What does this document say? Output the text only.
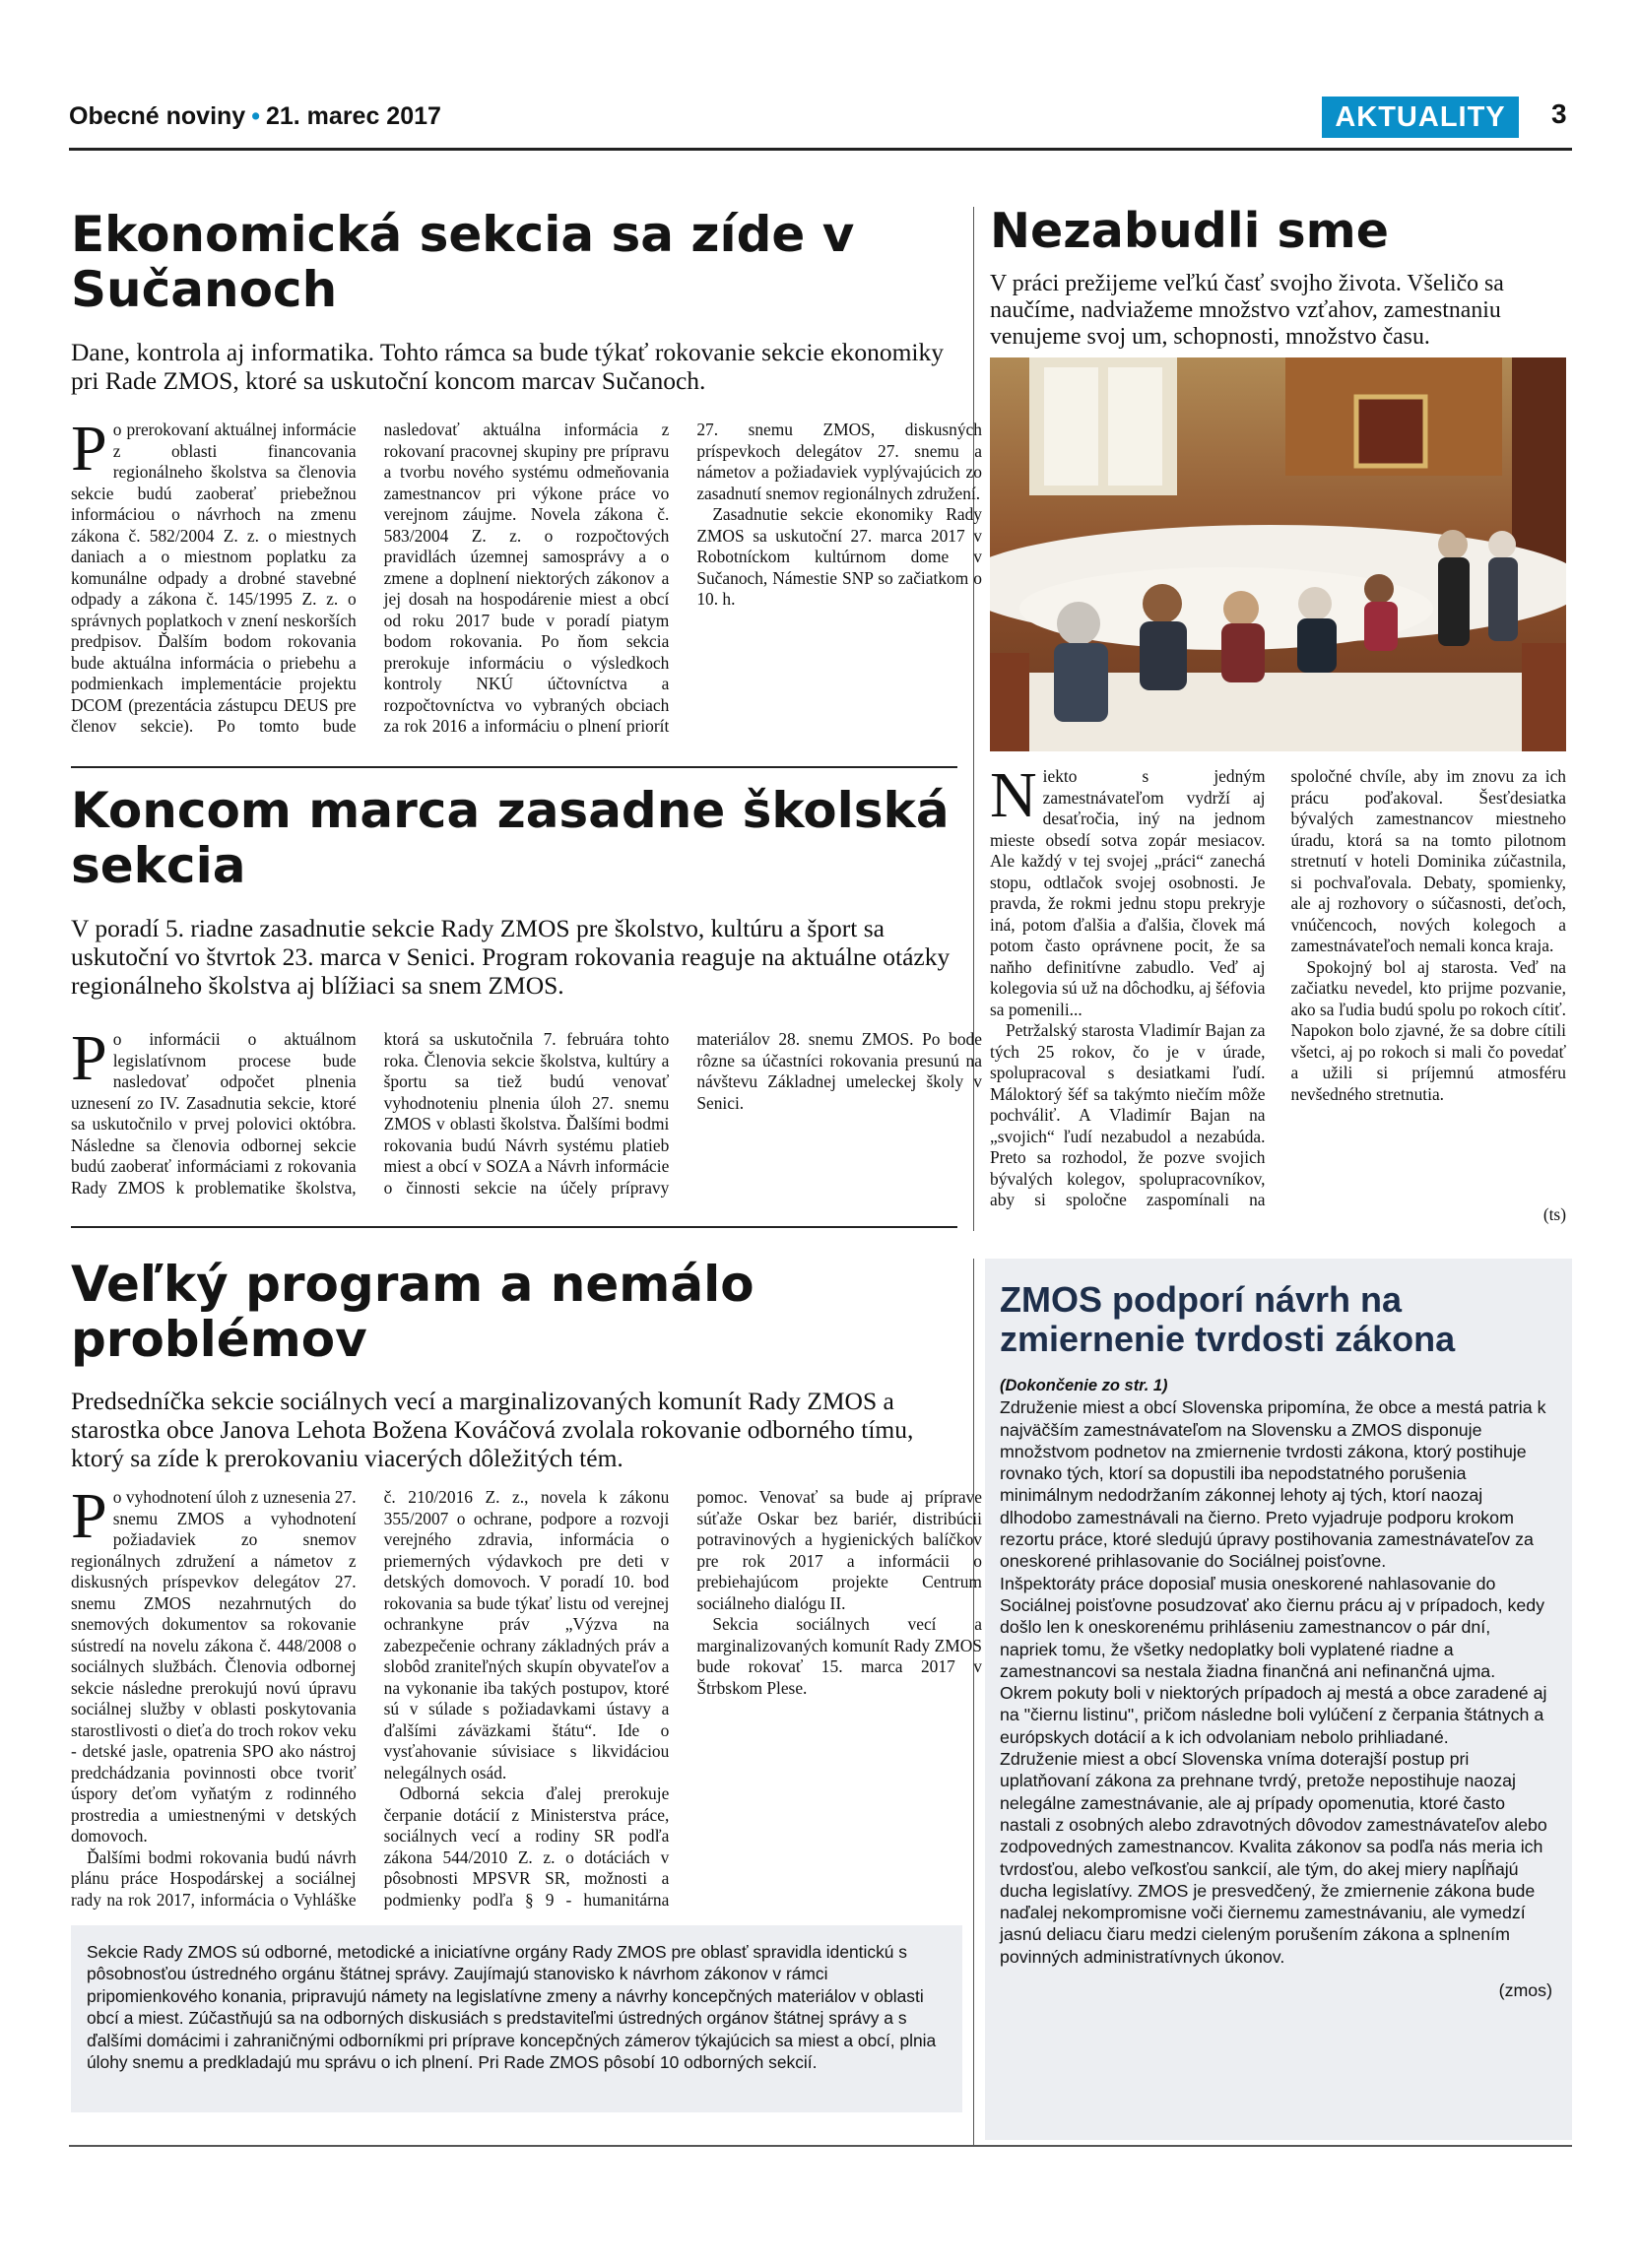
Obecné noviny • 21. marec 2017	AKTUALITY	3
Ekonomická sekcia sa zíde v Sučanoch
Dane, kontrola aj informatika. Tohto rámca sa bude týkať rokovanie sekcie ekonomiky pri Rade ZMOS, ktoré sa uskutoční koncom marcav Sučanoch.

Po prerokovaní aktuálnej informácie z oblasti financovania regionálneho školstva sa členovia sekcie budú zaoberať priebežnou informáciou o návrhoch na zmenu zákona č. 582/2004 Z. z. o miestnych daniach a o miestnom poplatku za komunálne odpady a drobné stavebné odpady a zákona č. 145/1995 Z. z. o správnych poplatkoch v znení neskorších predpisov. Ďalším bodom rokovania bude aktuálna informácia o priebehu a podmienkach implementácie projektu DCOM (prezentácia zástupcu DEUS pre členov sekcie). Po tomto bude nasledovať aktuálna informácia z rokovaní pracovnej skupiny pre prípravu a tvorbu nového systému odmeňovania zamestnancov pri výkone práce vo verejnom záujme. Novela zákona č. 583/2004 Z. z. o rozpočtových pravidlách územnej samosprávy a o zmene a doplnení niektorých zákonov a jej dosah na hospodárenie miest a obcí od roku 2017 bude v poradí piatym bodom rokovania. Po ňom sekcia prerokuje informáciu o výsledkoch kontroly NKÚ účtovníctva a rozpočtovníctva vo vybraných obciach za rok 2016 a informáciu o plnení priorít 27. snemu ZMOS, diskusných príspevkoch delegátov 27. snemu a námetov a požiadaviek vyplývajúcich zo zasadnutí snemov regionálnych združení.

Zasadnutie sekcie ekonomiky Rady ZMOS sa uskutoční 27. marca 2017 v Robotníckom kultúrnom dome v Sučanoch, Námestie SNP so začiatkom o 10. h.

Koncom marca zasadne školská sekcia
V poradí 5. riadne zasadnutie sekcie Rady ZMOS pre školstvo, kultúru a šport sa uskutoční vo štvrtok 23. marca v Senici. Program rokovania reaguje na aktuálne otázky regionálneho školstva aj blížiaci sa snem ZMOS.

Po informácii o aktuálnom legislatívnom procese bude nasledovať odpočet plnenia uznesení zo IV. Zasadnutia sekcie, ktoré sa uskutočnilo v prvej polovici októbra. Následne sa členovia odbornej sekcie budú zaoberať informáciami z rokovania Rady ZMOS k problematike školstva, ktorá sa uskutočnila 7. februára tohto roka. Členovia sekcie školstva, kultúry a športu sa tiež budú venovať vyhodnoteniu plnenia úloh 27. snemu ZMOS v oblasti školstva. Ďalšími bodmi rokovania budú Návrh systému platieb miest a obcí v SOZA a Návrh informácie o činnosti sekcie na účely prípravy materiálov 28. snemu ZMOS. Po bode rôzne sa účastníci rokovania presunú na návštevu Základnej umeleckej školy v Senici.

Veľký program a nemálo problémov
Predsedníčka sekcie sociálnych vecí a marginalizovaných komunít Rady ZMOS a starostka obce Janova Lehota Božena Kováčová zvolala rokovanie odborného tímu, ktorý sa zíde k prerokovaniu viacerých dôležitých tém.

Po vyhodnotení úloh z uznesenia 27. snemu ZMOS a vyhodnotení požiadaviek zo snemov regionálnych združení a námetov z diskusných príspevkov delegátov 27. snemu ZMOS nezahrnutých do snemových dokumentov sa rokovanie sústredí na novelu zákona č. 448/2008 o sociálnych službách. Členovia odbornej sekcie následne prerokujú novú úpravu sociálnej služby v oblasti poskytovania starostlivosti o dieťa do troch rokov veku - detské jasle, opatrenia SPO ako nástroj predchádzania povinnosti obce tvoriť úspory deťom vyňatým z rodinného prostredia a umiestnenými v detských domovoch.

Ďalšími bodmi rokovania budú návrh plánu práce Hospodárskej a sociálnej rady na rok 2017, informácia o Vyhláške č. 210/2016 Z. z., novela k zákonu 355/2007 o ochrane, podpore a rozvoji verejného zdravia, informácia o priemerných výdavkoch pre deti v detských domovoch. V poradí 10. bod rokovania sa bude týkať listu od verejnej ochrankyne práv „Výzva na zabezpečenie ochrany základných práv a slobôd zraniteľných skupín obyvateľov a na vykonanie iba takých postupov, ktoré sú v súlade s požiadavkami ústavy a ďalšími záväzkami štátu“. Ide o vysťahovanie súvisiace s likvidáciou nelegálnych osád.

Odborná sekcia ďalej prerokuje čerpanie dotácií z Ministerstva práce, sociálnych vecí a rodiny SR podľa zákona 544/2010 Z. z. o dotáciách v pôsobnosti MPSVR SR, možnosti a podmienky podľa § 9 - humanitárna pomoc. Venovať sa bude aj príprave súťaže Oskar bez bariér, distribúcii potravinových a hygienických balíčkov pre rok 2017 a informácii o prebiehajúcom projekte Centrum sociálneho dialógu II.

Sekcia sociálnych vecí a marginalizovaných komunít Rady ZMOS bude rokovať 15. marca 2017 v Štrbskom Plese.

Sekcie Rady ZMOS sú odborné, metodické a iniciatívne orgány Rady ZMOS pre oblasť spravidla identickú s pôsobnosťou ústredného orgánu štátnej správy. Zaujímajú stanovisko k návrhom zákonov v rámci pripomienkového konania, pripravujú námety na legislatívne zmeny a návrhy koncepčných materiálov v oblasti obcí a miest. Zúčastňujú sa na odborných diskusiách s predstaviteľmi ústredných orgánov štátnej správy a s ďalšími domácimi i zahraničnými odborníkmi pri príprave koncepčných zámerov týkajúcich sa miest a obcí, plnia úlohy snemu a predkladajú mu správu o ich plnení. Pri Rade ZMOS pôsobí 10 odborných sekcií.
Nezabudli sme
V práci prežijeme veľkú časť svojho života. Všeličo sa naučíme, nadviažeme množstvo vzťahov, zamestnaniu venujeme svoj um, schopnosti, množstvo času.

Niekto s jedným zamestnávateľom vydrží aj desaťročia, iný na jednom mieste obsedí sotva zopár mesiacov. Ale každý v tej svojej „práci“ zanechá stopu, odtlačok svojej osobnosti. Je pravda, že rokmi jednu stopu prekryje iná, potom ďalšia a ďalšia, človek má potom často oprávnene pocit, že sa naňho definitívne zabudlo. Veď aj kolegovia sú už na dôchodku, aj šéfovia sa pomenili...

Petržalský starosta Vladimír Bajan za tých 25 rokov, čo je v úrade, spolupracoval s desiatkami ľudí. Máloktorý šéf sa takýmto niečím môže pochváliť. A Vladimír Bajan na „svojich“ ľudí nezabudol a nezabúda. Preto sa rozhodol, že pozve svojich bývalých kolegov, spolupracovníkov, aby si spoločne zaspomínali na spoločné chvíle, aby im znovu za ich prácu poďakoval. Šesťdesiatka bývalých zamestnancov miestneho úradu, ktorá sa na tomto pilotnom stretnutí v hoteli Dominika zúčastnila, si pochvaľovala. Debaty, spomienky, ale aj rozhovory o súčasnosti, deťoch, vnúčencoch, nových kolegoch a zamestnávateľoch nemali konca kraja.

Spokojný bol aj starosta. Veď na začiatku nevedel, kto prijme pozvanie, ako sa ľudia budú spolu po rokoch cítiť. Napokon bolo zjavné, že sa dobre cítili všetci, aj po rokoch si mali čo povedať a užili si príjemnú atmosféru nevšedného stretnutia.

(ts)
ZMOS podporí návrh na zmiernenie tvrdosti zákona
(Dokončenie zo str. 1)
Združenie miest a obcí Slovenska pripomína, že obce a mestá patria k najväčším zamestnávateľom na Slovensku a ZMOS disponuje množstvom podnetov na zmiernenie tvrdosti zákona, ktorý postihuje rovnako tých, ktorí sa dopustili iba nepodstatného porušenia minimálnym nedodržaním zákonnej lehoty aj tých, ktorí naozaj dlhodobo zamestnávali na čierno. Preto vyjadruje podporu krokom rezortu práce, ktoré sledujú úpravy postihovania zamestnávateľov za oneskorené prihlasovanie do Sociálnej poisťovne.
Inšpektoráty práce doposiaľ musia oneskorené nahlasovanie do Sociálnej poisťovne posudzovať ako čiernu prácu aj v prípadoch, kedy došlo len k oneskorenému prihláseniu zamestnancov o pár dní, napriek tomu, že všetky nedoplatky boli vyplatené riadne a zamestnancovi sa nestala žiadna finančná ani nefinančná ujma. Okrem pokuty boli v niektorých prípadoch aj mestá a obce zaradené aj na "čiernu listinu", pričom následne boli vylúčení z čerpania štátnych a európskych dotácií a k ich odvolaniam nebolo prihliadané.
Združenie miest a obcí Slovenska vníma doterajší postup pri uplatňovaní zákona za prehnane tvrdý, pretože nepostihuje naozaj nelegálne zamestnávanie, ale aj prípady opomenutia, ktoré často nastali z osobných alebo zdravotných dôvodov zamestnávateľov alebo zodpovedných zamestnancov. Kvalita zákonov sa podľa nás meria ich tvrdosťou, alebo veľkosťou sankcií, ale tým, do akej miery napĺňajú ducha legislatívy. ZMOS je presvedčený, že zmiernenie zákona bude naďalej nekompromisne voči čiernemu zamestnávaniu, ale vymedzí jasnú deliacu čiaru medzi cieleným porušením zákona a splnením povinných administratívnych úkonov.
(zmos)
